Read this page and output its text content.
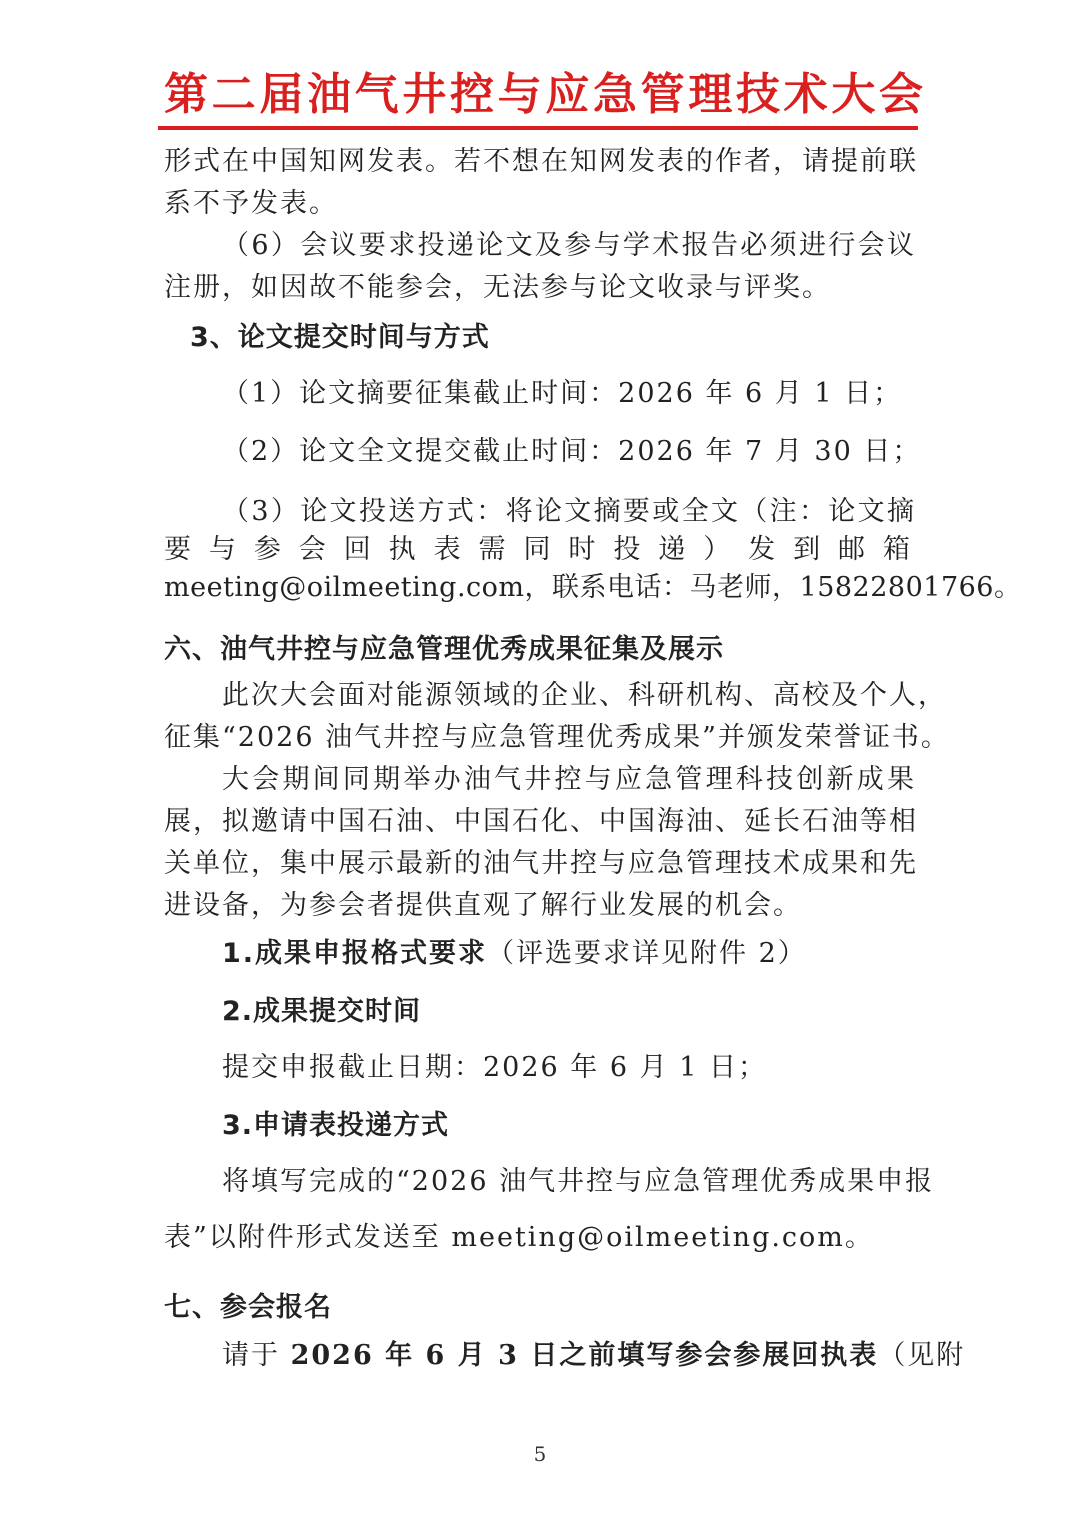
第二届油气井控与应急管理技术大会
形式在中国知网发表。若不想在知网发表的作者，请提前联
系不予发表。
（6）会议要求投递论文及参与学术报告必须进行会议
注册，如因故不能参会，无法参与论文收录与评奖。
3、论文提交时间与方式
（1）论文摘要征集截止时间：2026 年 6 月 1 日；
（2）论文全文提交截止时间：2026 年 7 月 30 日；
（3）论文投送方式：将论文摘要或全文（注：论文摘
要与参会回执表需同时投递）发到邮箱
meeting@oilmeeting.com，联系电话：马老师，15822801766。
六、油气井控与应急管理优秀成果征集及展示
此次大会面对能源领域的企业、科研机构、高校及个人，
征集“2026 油气井控与应急管理优秀成果”并颁发荣誉证书。
大会期间同期举办油气井控与应急管理科技创新成果
展，拟邀请中国石油、中国石化、中国海油、延长石油等相
关单位，集中展示最新的油气井控与应急管理技术成果和先
进设备，为参会者提供直观了解行业发展的机会。
1.成果申报格式要求（评选要求详见附件 2）
2.成果提交时间
提交申报截止日期：2026 年 6 月 1 日；
3.申请表投递方式
将填写完成的“2026 油气井控与应急管理优秀成果申报
表”以附件形式发送至 meeting@oilmeeting.com。
七、参会报名
请于 2026 年 6 月 3 日之前填写参会参展回执表（见附
5
